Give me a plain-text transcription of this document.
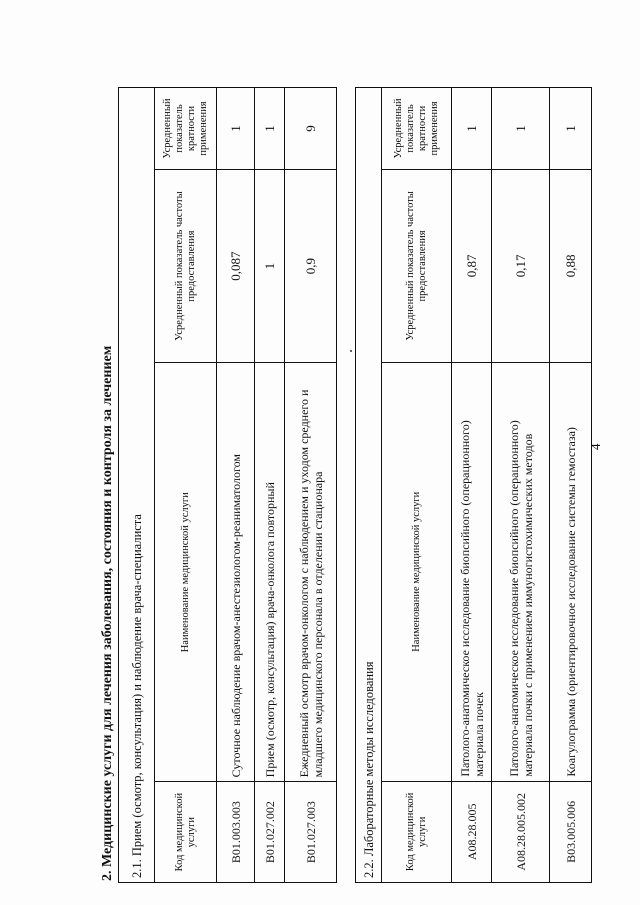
4
2. Медицинские услуги для лечения заболевания, состояния и контроля за лечением 2.1. Прием (осмотр, консультация) и наблюдение врача-специалиста			
Код медицинской услуги	Наименование медицинской услуги	Усредненный показатель частоты предоставления	Усредненный показатель кратности применения
B01.003.003	Суточное наблюдение врачом-анестезиологом-реаниматологом	0,087	1
B01.027.002	Прием (осмотр, консультация) врача-онколога повторный	1	1
B01.027.003	Ежедневный осмотр врачом-онкологом с наблюдением и уходом среднего и младшего медицинского персонала в отделении стационара	0,9	9
2.2. Лабораторные методы исследования			
Код медицинской услуги	Наименование медицинской услуги	Усредненный показатель частоты предоставления	Усредненный показатель кратности применения
A08.28.005	Патолого-анатомическое исследование биопсийного (операционного) материала почек	0,87	1
A08.28.005.002	Патолого-анатомическое исследование биопсийного (операционного) материала почки с применением иммуногистохимических методов	0,17	1
B03.005.006	Коагулограмма (ориентировочное исследование системы гемостаза)	0,88	1
